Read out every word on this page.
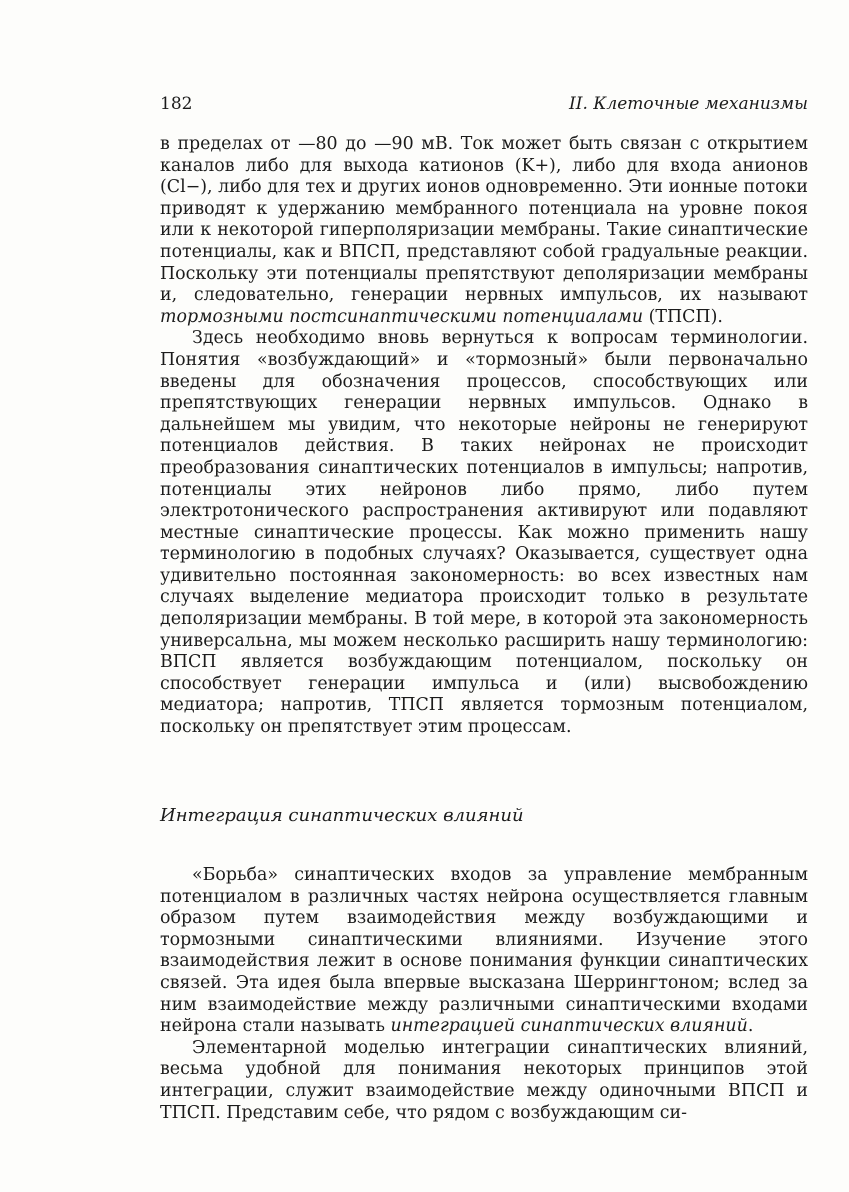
182	II. Клеточные механизмы

в пределах от —80 до —90 мВ. Ток может быть связан с открытием каналов либо для выхода катионов (K+), либо для входа анионов (Cl−), либо для тех и других ионов одновременно. Эти ионные потоки приводят к удержанию мембранного потенциала на уровне покоя или к некоторой гиперполяризации мембраны. Такие синаптические потенциалы, как и ВПСП, представляют собой градуальные реакции. Поскольку эти потенциалы препятствуют деполяризации мембраны и, следовательно, генерации нервных импульсов, их называют тормозными постсинаптическими потенциалами (ТПСП).

Здесь необходимо вновь вернуться к вопросам терминологии. Понятия «возбуждающий» и «тормозный» были первоначально введены для обозначения процессов, способствующих или препятствующих генерации нервных импульсов. Однако в дальнейшем мы увидим, что некоторые нейроны не генерируют потенциалов действия. В таких нейронах не происходит преобразования синаптических потенциалов в импульсы; напротив, потенциалы этих нейронов либо прямо, либо путем электротонического распространения активируют или подавляют местные синаптические процессы. Как можно применить нашу терминологию в подобных случаях? Оказывается, существует одна удивительно постоянная закономерность: во всех известных нам случаях выделение медиатора происходит только в результате деполяризации мембраны. В той мере, в которой эта закономерность универсальна, мы можем несколько расширить нашу терминологию: ВПСП является возбуждающим потенциалом, поскольку он способствует генерации импульса и (или) высвобождению медиатора; напротив, ТПСП является тормозным потенциалом, поскольку он препятствует этим процессам.

Интеграция синаптических влияний

«Борьба» синаптических входов за управление мембранным потенциалом в различных частях нейрона осуществляется главным образом путем взаимодействия между возбуждающими и тормозными синаптическими влияниями. Изучение этого взаимодействия лежит в основе понимания функции синаптических связей. Эта идея была впервые высказана Шеррингтоном; вслед за ним взаимодействие между различными синаптическими входами нейрона стали называть интеграцией синаптических влияний.

Элементарной моделью интеграции синаптических влияний, весьма удобной для понимания некоторых принципов этой интеграции, служит взаимодействие между одиночными ВПСП и ТПСП. Представим себе, что рядом с возбуждающим си-
